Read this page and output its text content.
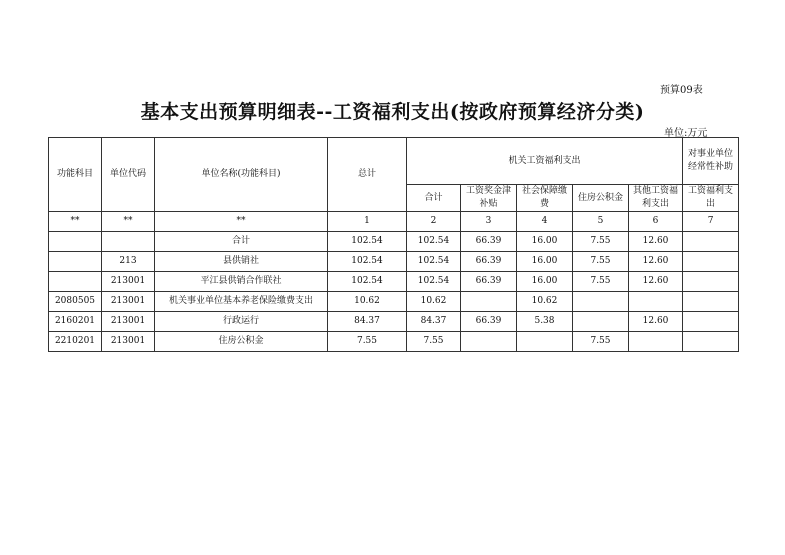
预算09表
基本支出预算明细表--工资福利支出(按政府预算经济分类)
单位:万元
功能科目	单位代码	单位名称(功能科目)	总计	机关工资福利支出					对事业单位经常性补助
				合计	工资奖金津补贴	社会保障缴费	住房公积金	其他工资福利支出	工资福利支出
**	**	**	1	2	3	4	5	6	7
		合计	102.54	102.54	66.39	16.00	7.55	12.60	
	213	县供销社	102.54	102.54	66.39	16.00	7.55	12.60	
	213001	平江县供销合作联社	102.54	102.54	66.39	16.00	7.55	12.60	
2080505	213001	机关事业单位基本养老保险缴费支出	10.62	10.62		10.62			
2160201	213001	行政运行	84.37	84.37	66.39	5.38		12.60	
2210201	213001	住房公积金	7.55	7.55			7.55		
